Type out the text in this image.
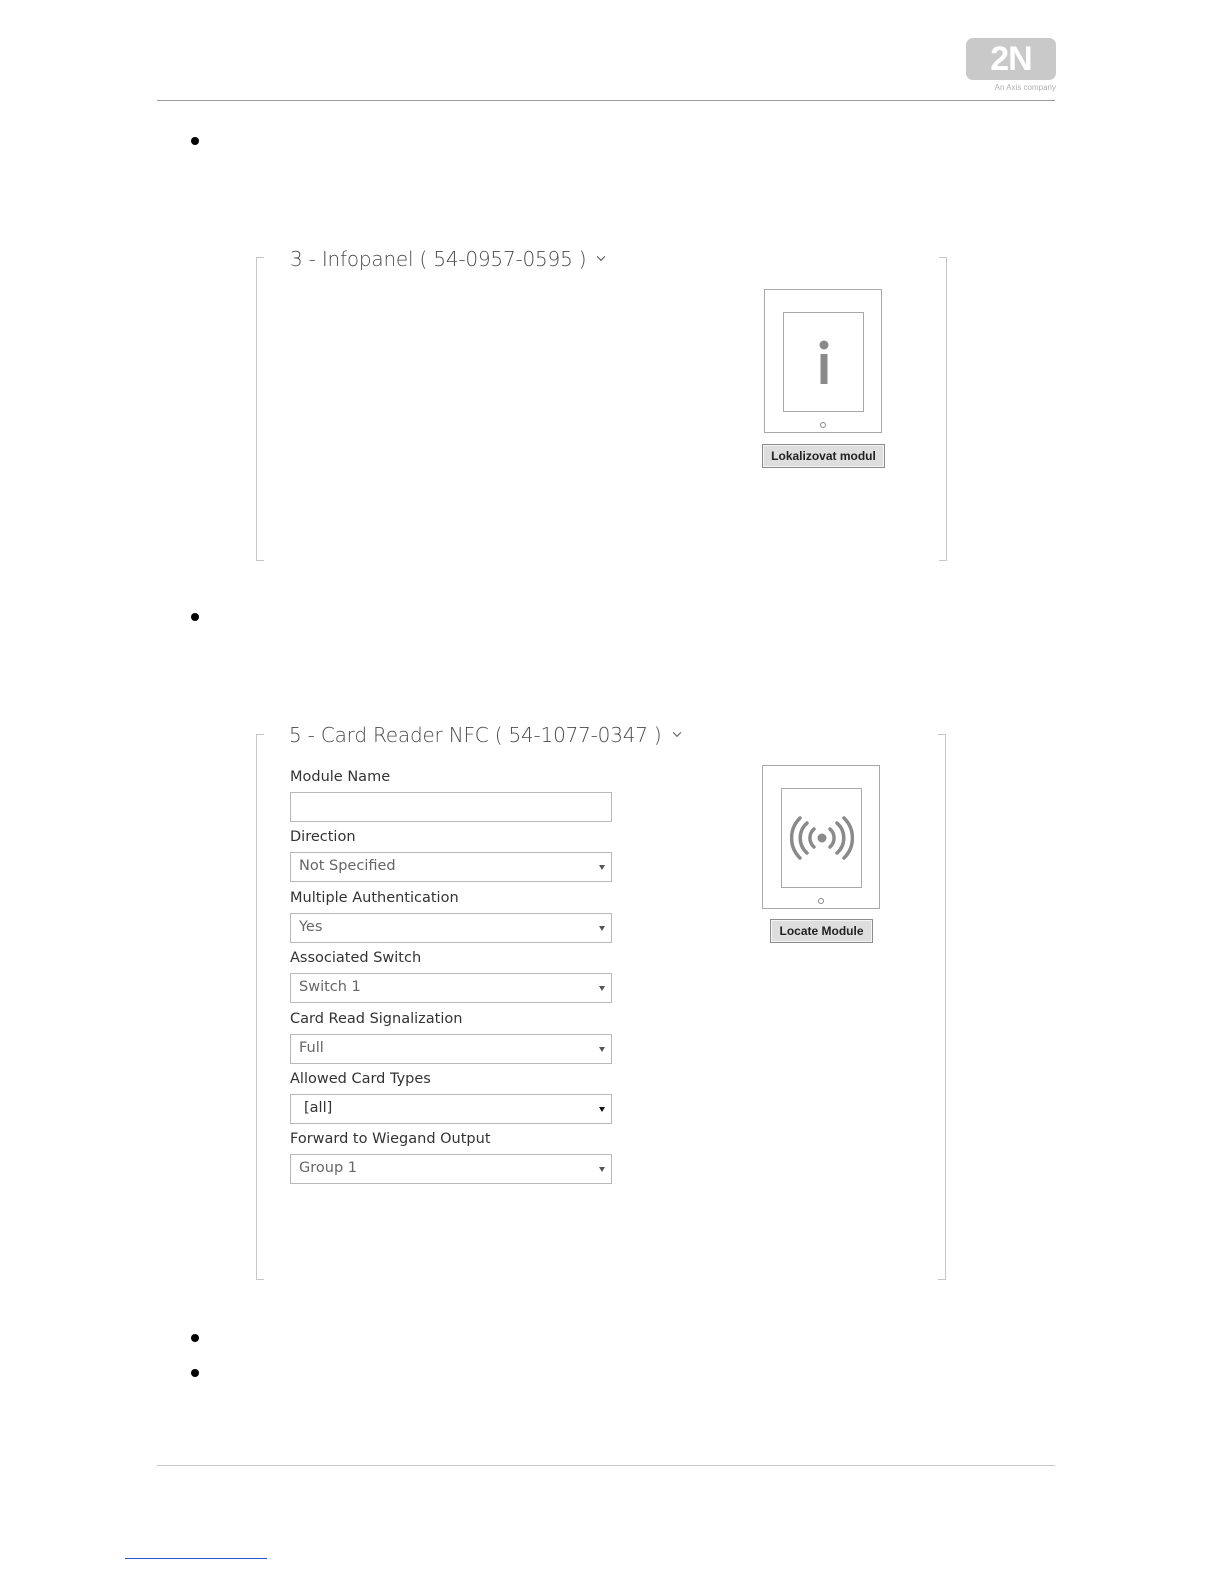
2N
An Axis company
3 - Infopanel ( 54-0957-0595 )
Lokalizovat modul
5 - Card Reader NFC ( 54-1077-0347 )
Module Name
Direction
Not Specified
Multiple Authentication
Yes
Associated Switch
Switch 1
Card Read Signalization
Full
Allowed Card Types
[all]
Forward to Wiegand Output
Group 1
Locate Module
